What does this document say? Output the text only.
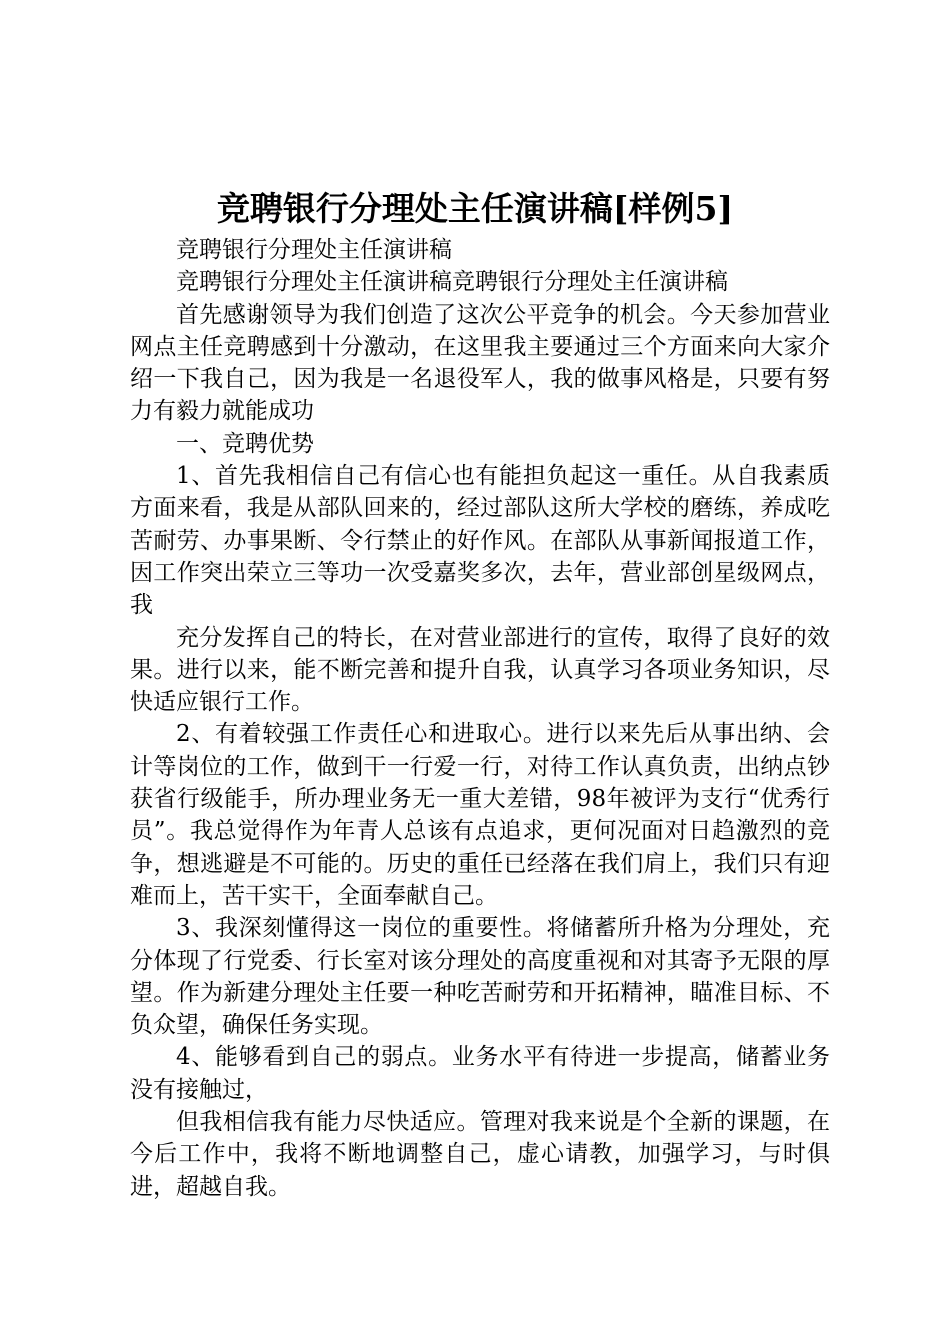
竞聘银行分理处主任演讲稿[样例5]

竞聘银行分理处主任演讲稿

竞聘银行分理处主任演讲稿竞聘银行分理处主任演讲稿

首先感谢领导为我们创造了这次公平竞争的机会。今天参加营业网点主任竞聘感到十分激动，在这里我主要通过三个方面来向大家介绍一下我自己，因为我是一名退役军人，我的做事风格是，只要有努力有毅力就能成功

一、竞聘优势

1、首先我相信自己有信心也有能担负起这一重任。从自我素质方面来看，我是从部队回来的，经过部队这所大学校的磨练，养成吃苦耐劳、办事果断、令行禁止的好作风。在部队从事新闻报道工作，因工作突出荣立三等功一次受嘉奖多次，去年，营业部创星级网点，我

充分发挥自己的特长，在对营业部进行的宣传，取得了良好的效果。进行以来，能不断完善和提升自我，认真学习各项业务知识，尽快适应银行工作。

2、有着较强工作责任心和进取心。进行以来先后从事出纳、会计等岗位的工作，做到干一行爱一行，对待工作认真负责，出纳点钞获省行级能手，所办理业务无一重大差错，98年被评为支行“优秀行员”。我总觉得作为年青人总该有点追求，更何况面对日趋激烈的竞争，想逃避是不可能的。历史的重任已经落在我们肩上，我们只有迎难而上，苦干实干，全面奉献自己。

3、我深刻懂得这一岗位的重要性。将储蓄所升格为分理处，充分体现了行党委、行长室对该分理处的高度重视和对其寄予无限的厚望。作为新建分理处主任要一种吃苦耐劳和开拓精神，瞄准目标、不负众望，确保任务实现。

4、能够看到自己的弱点。业务水平有待进一步提高，储蓄业务没有接触过，

但我相信我有能力尽快适应。管理对我来说是个全新的课题，在今后工作中，我将不断地调整自己，虚心请教，加强学习，与时俱进，超越自我。
